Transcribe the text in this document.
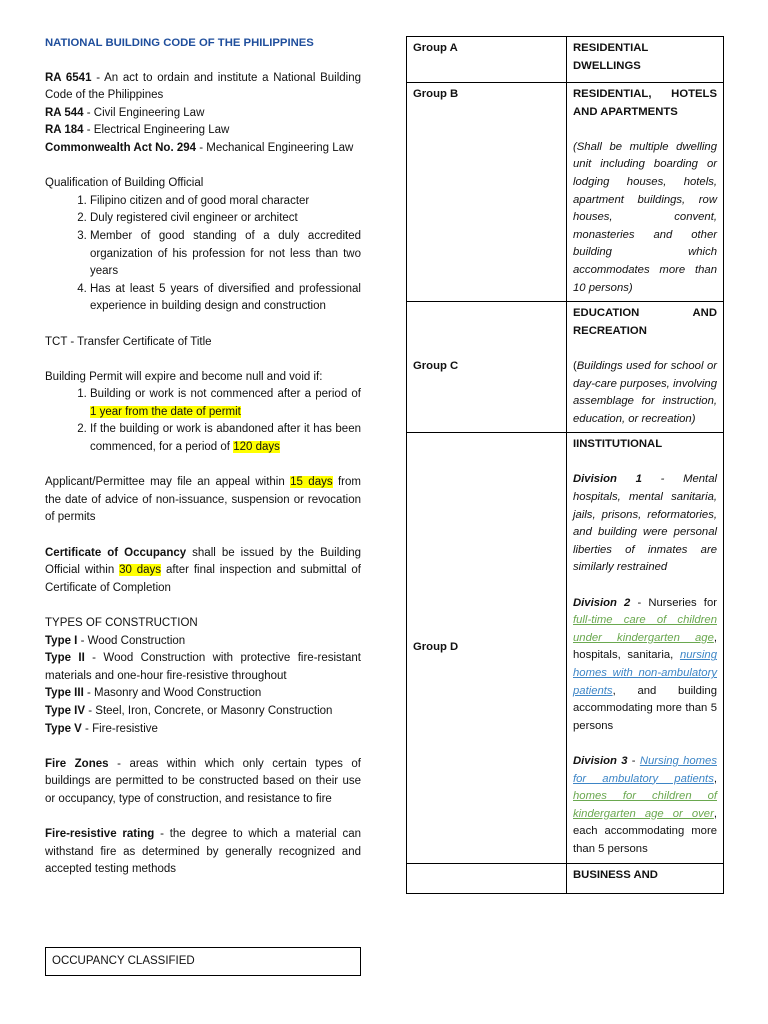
NATIONAL BUILDING CODE OF THE PHILIPPINES

RA 6541 - An act to ordain and institute a National Building Code of the Philippines

RA 544 - Civil Engineering Law

RA 184 - Electrical Engineering Law

Commonwealth Act No. 294 - Mechanical Engineering Law

Qualification of Building Official

1. Filipino citizen and of good moral character
2. Duly registered civil engineer or architect
3. Member of good standing of a duly accredited organization of his profession for not less than two years
4. Has at least 5 years of diversified and professional experience in building design and construction

TCT - Transfer Certificate of Title

Building Permit will expire and become null and void if:

1. Building or work is not commenced after a period of 1 year from the date of permit
2. If the building or work is abandoned after it has been commenced, for a period of 120 days

Applicant/Permittee may file an appeal within 15 days from the date of advice of non-issuance, suspension or revocation of permits

Certificate of Occupancy shall be issued by the Building Official within 30 days after final inspection and submittal of Certificate of Completion

TYPES OF CONSTRUCTION

Type I - Wood Construction

Type II - Wood Construction with protective fire-resistant materials and one-hour fire-resistive throughout

Type III - Masonry and Wood Construction

Type IV - Steel, Iron, Concrete, or Masonry Construction

Type V - Fire-resistive

Fire Zones - areas within which only certain types of buildings are permitted to be constructed based on their use or occupancy, type of construction, and resistance to fire

Fire-resistive rating - the degree to which a material can withstand fire as determined by generally recognized and accepted testing methods

OCCUPANCY CLASSIFIED
Group A	RESIDENTIAL DWELLINGS

Group B	RESIDENTIAL, HOTELS AND APARTMENTS
(Shall be multiple dwelling unit including boarding or lodging houses, hotels, apartment buildings, row houses, convent, monasteries and other building which accommodates more than 10 persons)

Group C	EDUCATION AND RECREATION
(Buildings used for school or day-care purposes, involving assemblage for instruction, education, or recreation)

Group D	IINSTITUTIONAL
Division 1 - Mental hospitals, mental sanitaria, jails, prisons, reformatories, and building were personal liberties of inmates are similarly restrained
Division 2 - Nurseries for full-time care of children under kindergarten age, hospitals, sanitaria, nursing homes with non-ambulatory patients, and building accommodating more than 5 persons
Division 3 - Nursing homes for ambulatory patients, homes for children of kindergarten age or over, each accommodating more than 5 persons

	BUSINESS AND
